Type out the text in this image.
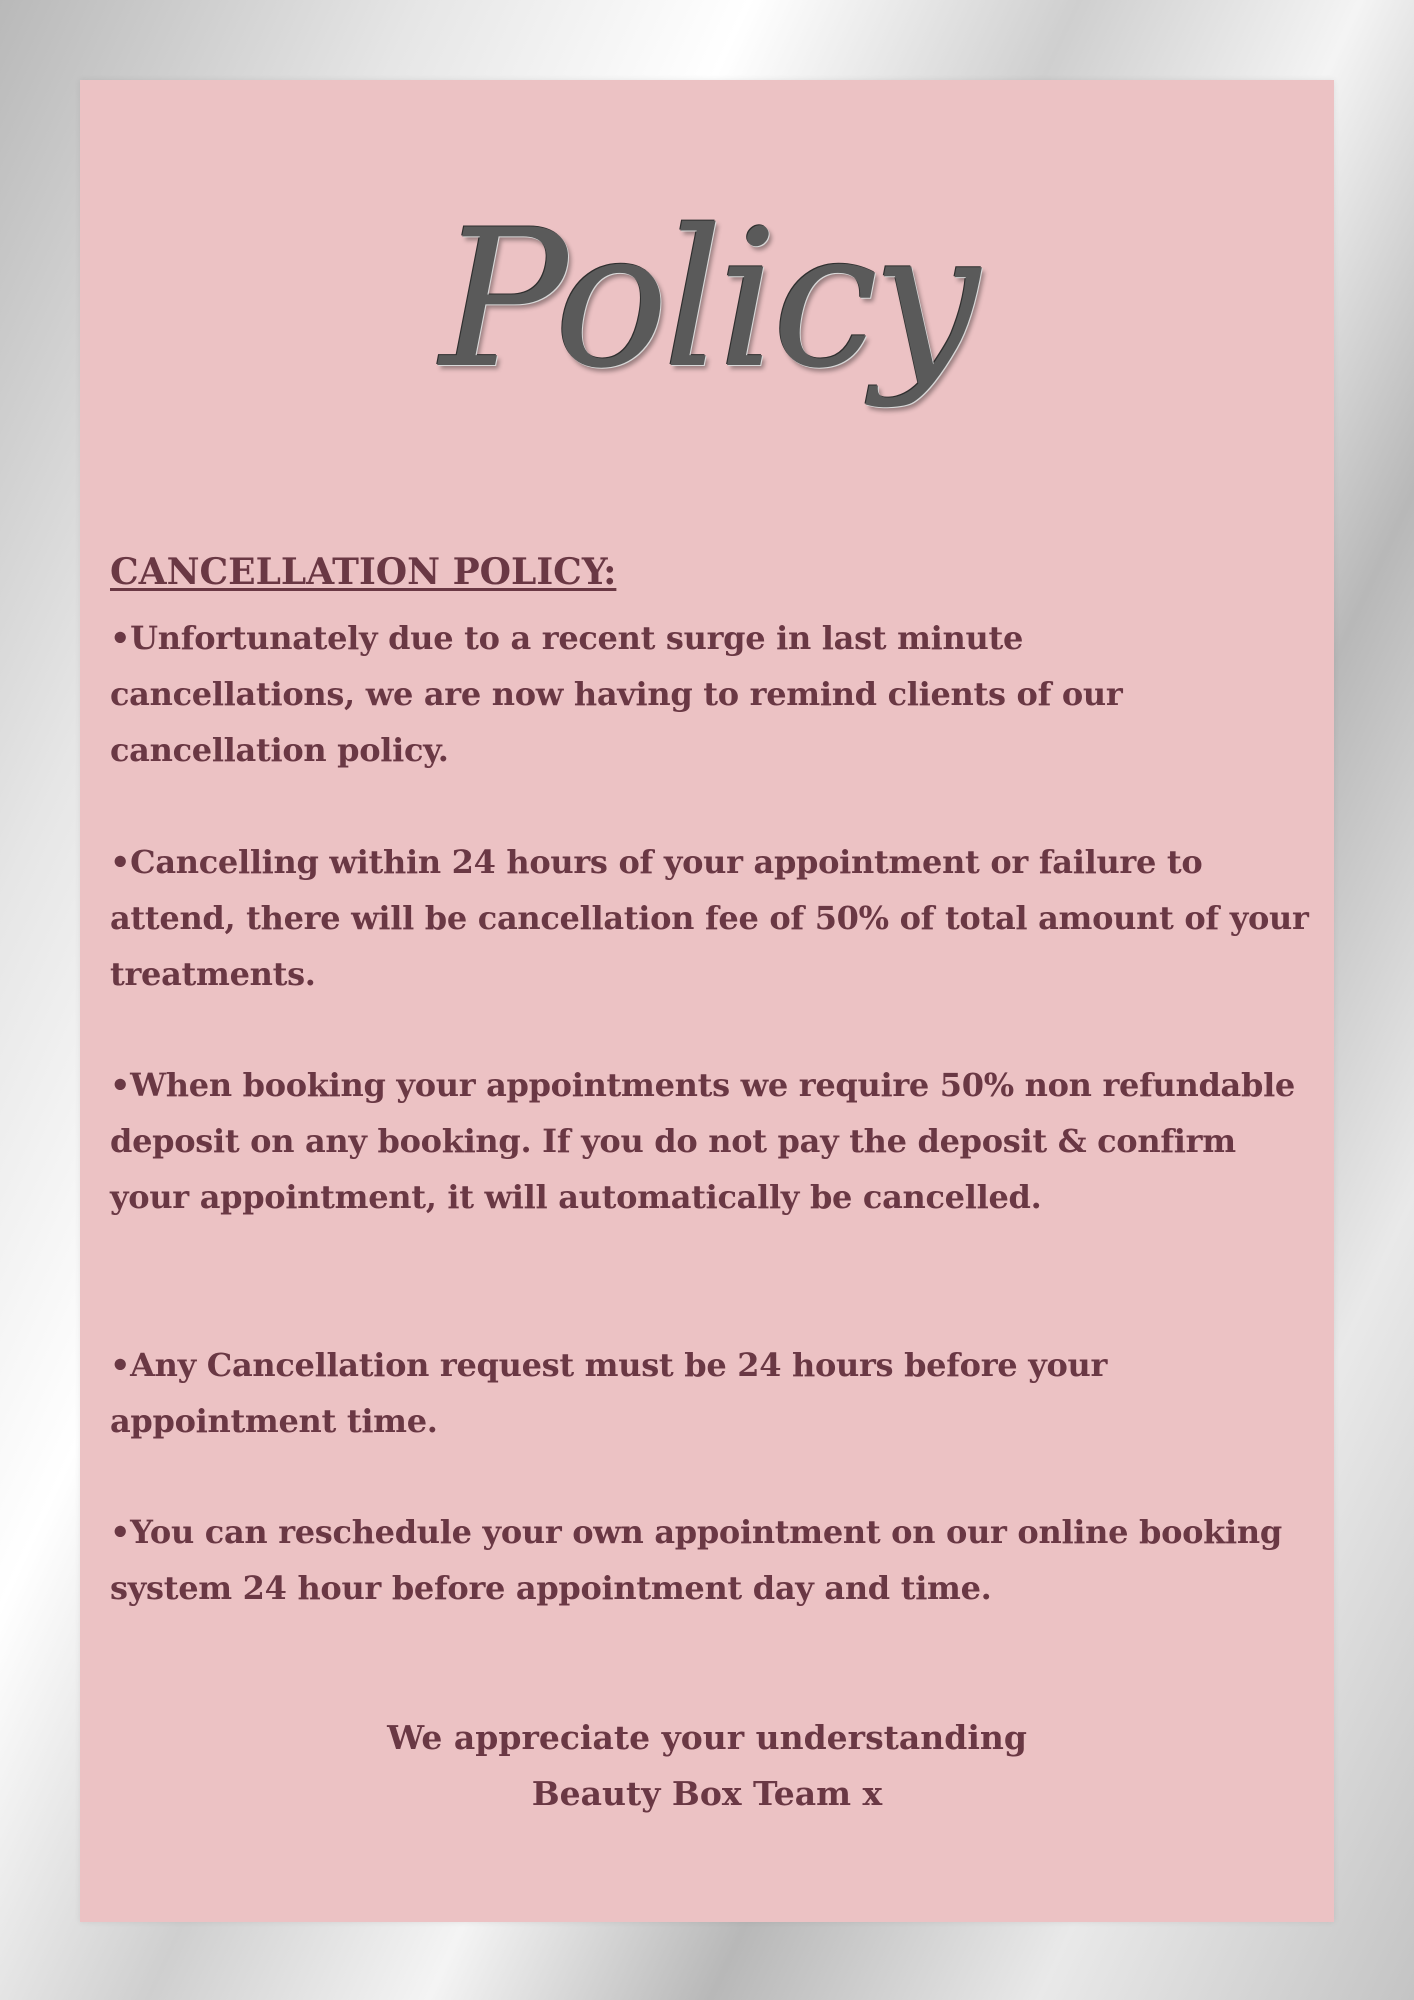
Policy
CANCELLATION POLICY:

•Unfortunately due to a recent surge in last minute cancellations, we are now having to remind clients of our cancellation policy.

•Cancelling within 24 hours of your appointment or failure to attend, there will be cancellation fee of 50% of total amount of your treatments.

•When booking your appointments we require 50% non refundable deposit on any booking. If you do not pay the deposit & confirm your appointment, it will automatically be cancelled.

•Any Cancellation request must be 24 hours before your appointment time.

•You can reschedule your own appointment on our online booking system 24 hour before appointment day and time.

We appreciate your understanding
Beauty Box Team x
